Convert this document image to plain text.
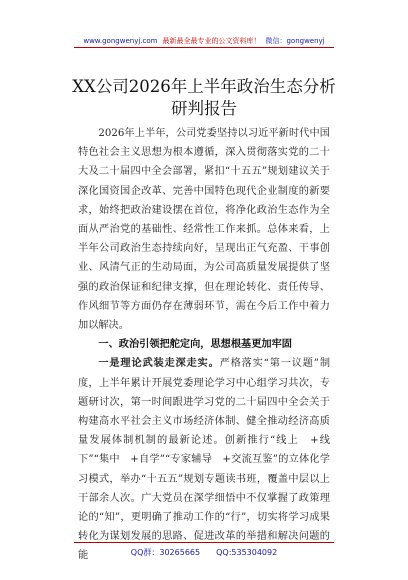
www.gongwenyj.com 最新最全最专业的公文资料库！ 微信：gongwenyj
XX公司2026年上半年政治生态分析研判报告

2026年上半年，公司党委坚持以习近平新时代中国特色社会主义思想为根本遵循，深入贯彻落实党的二十大及二十届四中全会部署，紧扣“十五五”规划建议关于深化国资国企改革、完善中国特色现代企业制度的新要求，始终把政治建设摆在首位，将净化政治生态作为全面从严治党的基础性、经常性工作来抓。总体来看，上半年公司政治生态持续向好，呈现出正气充盈、干事创业、风清气正的生动局面，为公司高质量发展提供了坚强的政治保证和纪律支撑，但在理论转化、责任传导、作风细节等方面仍存在薄弱环节，需在今后工作中着力加以解决。

一、政治引领把舵定向，思想根基更加牢固

一是理论武装走深走实。严格落实“第一议题”制度，上半年累计开展党委理论学习中心组学习共次，专题研讨次，第一时间跟进学习党的二十届四中全会关于构建高水平社会主义市场经济体制、健全推动经济高质量发展体制机制的最新论述。创新推行“线上　+线下”“集中　+自学”“专家辅导　+交流互鉴”的立体化学习模式，举办“十五五”规划专题读书班，覆盖中层以上干部余人次。广大党员在深学细悟中不仅掌握了政策理论的“知”，更明确了推动工作的“行”，切实将学习成果转化为谋划发展的思路、促进改革的举措和解决问题的能	QQ群：30265665 QQ:535304092
